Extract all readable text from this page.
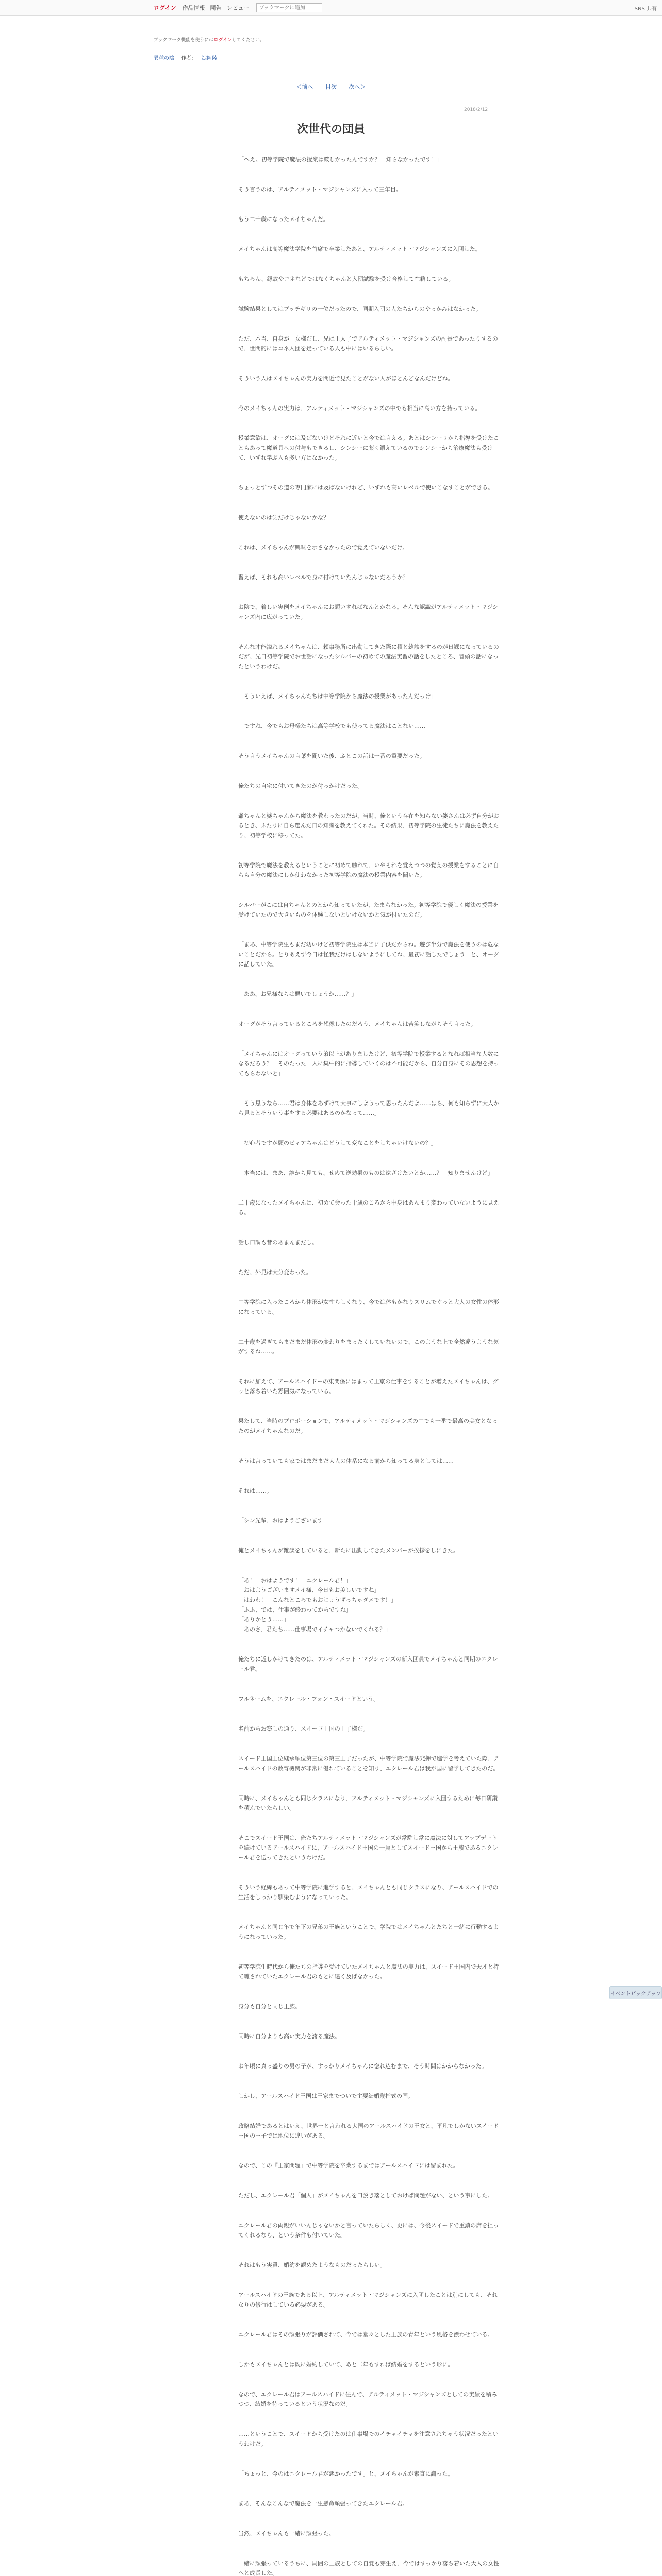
ログイン 作品情報 開告 レビュー
ブックマークに追加	SNS 共有
ブックマーク機能を使うにはログインしてください。
異種の陰 作者： 淀岡陸
＜前へ 目次 次へ＞
2018/2/12
次世代の団員

「ヘえ。初等学院で魔法の授業は厳しかったんですか？　知らなかったです！」

そう言うのは、アルティメット・マジシャンズに入って三年目。

もう二十歳になったメイちゃんだ。

メイちゃんは高等魔法学院を首席で卒業したあと、アルティメット・マジシャンズに入団した。

もちろん、縁故やコネなどではなくちゃんと入団試験を受け合格して在籍している。

試験結果としてはブッチギリの一位だったので、同期入団の人たちからのやっかみはなかった。

ただ、本当、自身が王女様だし、兄は王太子でアルティメット・マジシャンズの副長であったりするので、世間的にはコネ入団を疑っている人も中にはいるらしい。

そういう人はメイちゃんの実力を間近で見たことがない人がほとんどなんだけどね。

今のメイちゃんの実力は、アルティメット・マジシャンズの中でも相当に高い方を持っている。

授業意欲は、オーグには及ばないけどそれに近いと今では言える。あとはシンーリから指導を受けたこともあって魔道具への付与もできるし、シンシーに薬く鍛えているのでシンシーから治療魔法も受けて、いずれ学ぶ人も多い方はなかった。

ちょっとずつその道の専門家には及ばないけれど、いずれも高いレベルで使いこなすことができる。

使えないのは剣だけじゃないかな？

これは、メイちゃんが興味を示さなかったので覚えていないだけ。

習えば、それも高いレベルで身に付けていたんじゃないだろうか？

お陰で、着しい実例をメイちゃんにお願いすればなんとかなる。そんな認識がアルティメット・マジシャンズ内に広がっていた。

そんな才能溢れるメイちゃんは、頼事務所に出勤してきた際に積と雑談をするのが日課になっているのだが、先日初等学院でお世話になったシルバーの初めての魔法実習の話をしたところ、冒頭の話になったというわけだ。

「そういえば、メイちゃんたちは中等学院から魔法の授業があったんだっけ」

「ですね、今でもお母様たちは高等学校でも使ってる魔法はことない……

そう言うメイちゃんの言葉を聞いた後、ふとこの話は一番の重要だった。

俺たちの自宅に付いてきたのが付っかけだった。

爺ちゃんと婆ちゃんから魔法を教わったのだが、当時、俺という存在を知らない婆さんは必ず自分がおるとき、ふたりに自ら選んだ日の知識を教えてくれた。その結果、初等学院の生徒たちに魔法を教えたり、初等学校に移ってた。

初等学院で魔法を教えるということに初めて触れて、いやそれを覚えつつの覚えの授業をすることに自らも自分の魔法にしか使わなかった初等学院の魔法の授業内容を聞いた。

シルバーがこには自ちゃんとのとから知っていたが、たまらなかった。初等学院で優しく魔法の授業を受けていたので大きいものを体験しないといけないかと気が付いたのだ。

「まあ、中等学院生もまだ幼いけど初等学院生は本当に子供だからね。遊び半分で魔法を使うのは危ないことだから。とりあえず今日は怪我だけはしないようにしてね、最初に話したでしょう」と、オーグに話していた。

「ああ、お兄様ならは悪いでしょうか……？」

オーグがそう言っているところを想像したのだろう、メイちゃんは苦笑しながらそう言った。

「メイちゃんにはオーグっていう弟以上がありましたけど、初等学院で授業するとなれば相当な人数になるだろう？　そのたった一人に集中的に指導していくのは不可能だから、自分自身にその思想を持ってもらわないと」

「そう思うなら……君は身体をあずけて大事にしようって思ったんだよ……ほら、何も知らずに大人から見るとそういう事をする必要はあるのかなって……」

「初心者ですが頭のビィアちゃんはどうして変なことをしちゃいけないの？」

「本当には、まあ、誰から見ても、せめて逆効果のものは遠ざけたいとか……？　知りませんけど」

二十歳になったメイちゃんは、初めて会った十歳のころから中身はあんまり変わっていないように見える。

話し口調も昔のあまんまだし。

ただ、外見は大分変わった。

中等学院に入ったころから体形が女性らしくなり、今では体もかなりスリムでぐっと大人の女性の体形になっている。

二十歳を過ぎてもまだまだ体形の変わりをまったくしていないので、このような上で全然違うような気がするね……。

それに加えて、アールスハイドーの東関係にはまって上京の仕事をすることが増えたメイちゃんは、グッと落ち着いた雰囲気になっている。

果たして、当時のプロポーションで、アルティメット・マジシャンズの中でも一番で最高の美女となったのがメイちゃんなのだ。

そうは言っていても家ではまだまだ大人の体系になる前から知ってる身としては……

それは……。

「シン先輩、おはようございます」

俺とメイちゃんが雑談をしていると、新たに出勤してきたメンバーが挨拶をしにきた。

「あ！　おはようです！　エクレール君！」
「おはようございますメイ様、今日もお美しいですね」
「はわわ！　こんなところでもおじょうずっちゃダメです！」
「ふふ、では、仕事が終わってからですね」
「ありかとう……」
「あのさ、君たち……仕事場でイチャつかないでくれる？」

俺たちに近しかけてきたのは、アルティメット・マジシャンズの新入団員でメイちゃんと同期のエクレール君。

フルネームを、エクレール・フォン・スイードという。

名前からお察しの通り、スイード王国の王子様だ。

スイード王国王位継承順位第三位の第三王子だったが、中等学院で魔法発揮で進学を考えていた際、アールスハイドの教育機関が非常に優れていることを知り、エクレール君は我が国に留学してきたのだ。

同時に、メイちゃんとも同じクラスになり、アルティメット・マジシャンズに入団するために毎日研鑽を積んでいたらしい。

そこでスイード王国は、俺たちアルティメット・マジシャンズが常駐し常に魔法に対してアップデートを続けているアールスハイドに、アールスハイド王国の一員としてスイード王国から王族であるエクレール君を送ってきたというわけだ。

そういう経緯もあって中等学院に進学すると、メイちゃんとも同じクラスになり、アールスハイドでの生活をしっかり馴染むようになっていった。

メイちゃんと同じ年で年下の兄弟の王族ということで、学院ではメイちゃんとたちと一緒に行動するようになっていった。

初等学院生時代から俺たちの指導を受けていたメイちゃんと魔法の実力は、スイード王国内で天才と持て囃されていたエクレール君のもとに遠く及ばなかった。

身分も自分と同じ王族。

同時に自分よりも高い実力を誇る魔法。

お年頃に真っ盛りの男の子が、すっかりメイちゃんに惚れ込むまで、そう時間はかからなかった。

しかし、アールスハイド王国は王家までついで主要結婚歳指式の国。

政略結婚であるとはいえ、世界一と言われる大国のアールスハイドの王女と、平凡でしかないスイード王国の王子では地位に違いがある。

なので、この『王家問題』で中等学院を卒業するまではアールスハイドには留まれた。

ただし、エクレール君「個人」がメイちゃんを口説き落としておけば問題がない、という事にした。

エクレール君の両親がいいんじゃないかと言っていたらしく、更には、今後スイードで重鎮の席を担ってくれるなら、という条件も付いていた。

それはもう実質、婚約を認めたようなものだったらしい。

アールスハイドの王族である以上、アルティメット・マジシャンズに入団したことは別にしても、それなりの修行はしている必要がある。

エクレール君はその頑張りが評価されて、今では堂々とした王族の青年という風格を漂わせている。

しかもメイちゃんとは既に婚約していて、あと二年もすれば結婚をするという形に。

なので、エクレール君はアールスハイドに住んで、アルティメット・マジシャンズとしての実績を積みつつ、結婚を待っているという状況なのだ。

……ということで、スイードから受けたのは仕事場でのイチャイチャを注意されちゃう状況だったというわけだ。

「ちょっと、今のはエクレール君が悪かったです」と、メイちゃんが素直に謝った。

まあ、そんなこんなで魔法を一生懸命頑張ってきたエクレール君。

当然、メイちゃんも一緒に頑張った。

一緒に頑張っているうちに、周囲の王族としての自覚も芽生え、今ではすっかり落ち着いた大人の女性へと成長した。

イベントピックアップ
